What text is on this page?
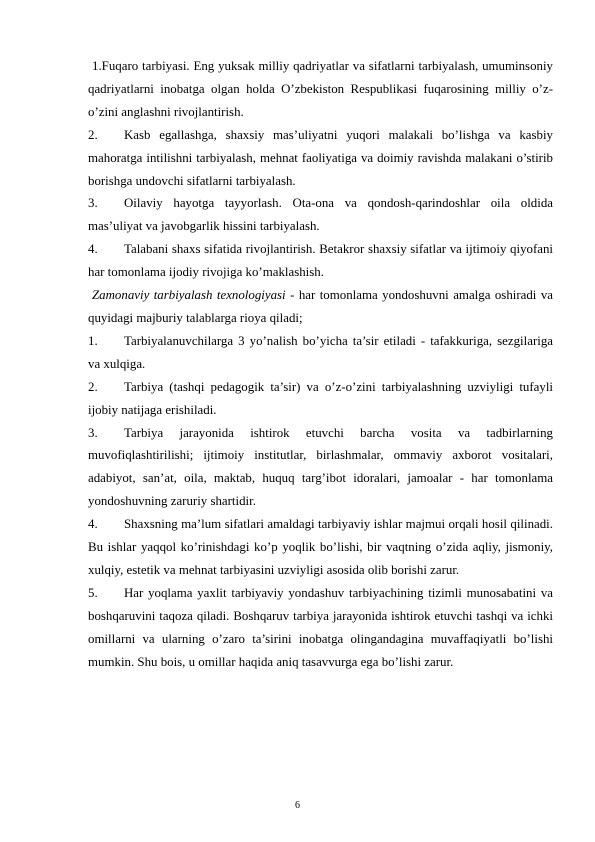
1.Fuqaro tarbiyasi. Eng yuksak milliy qadriyatlar va sifatlarni tarbiyalash, umuminsoniy qadriyatlarni inobatga olgan holda O’zbekiston Respublikasi fuqarosining milliy o’z-o’zini anglashni rivojlantirish.

2. Kasb egallashga, shaxsiy mas’uliyatni yuqori malakali bo’lishga va kasbiy mahoratga intilishni tarbiyalash, mehnat faoliyatiga va doimiy ravishda malakani o’stirib borishga undovchi sifatlarni tarbiyalash.

3. Oilaviy hayotga tayyorlash. Ota-ona va qondosh-qarindoshlar oila oldida mas’uliyat va javobgarlik hissini tarbiyalash.

4. Talabani shaxs sifatida rivojlantirish. Betakror shaxsiy sifatlar va ijtimoiy qiyofani har tomonlama ijodiy rivojiga ko’maklashish.

Zamonaviy tarbiyalash texnologiyasi - har tomonlama yondoshuvni amalga oshiradi va quyidagi majburiy talablarga rioya qiladi;

1. Tarbiyalanuvchilarga 3 yo’nalish bo’yicha ta’sir etiladi - tafakkuriga, sezgilariga va xulqiga.

2. Tarbiya (tashqi pedagogik ta’sir) va o’z-o’zini tarbiyalashning uzviyligi tufayli ijobiy natijaga erishiladi.

3. Tarbiya jarayonida ishtirok etuvchi barcha vosita va tadbirlarning muvofiqlashtirilishi; ijtimoiy institutlar, birlashmalar, ommaviy axborot vositalari, adabiyot, san’at, oila, maktab, huquq targ’ibot idoralari, jamoalar - har tomonlama yondoshuvning zaruriy shartidir.

4. Shaxsning ma’lum sifatlari amaldagi tarbiyaviy ishlar majmui orqali hosil qilinadi. Bu ishlar yaqqol ko’rinishdagi ko’p yoqlik bo’lishi, bir vaqtning o’zida aqliy, jismoniy, xulqiy, estetik va mehnat tarbiyasini uzviyligi asosida olib borishi zarur.

5. Har yoqlama yaxlit tarbiyaviy yondashuv tarbiyachining tizimli munosabatini va boshqaruvini taqoza qiladi. Boshqaruv tarbiya jarayonida ishtirok etuvchi tashqi va ichki omillarni va ularning o’zaro ta’sirini inobatga olingandagina muvaffaqiyatli bo’lishi mumkin. Shu bois, u omillar haqida aniq tasavvurga ega bo’lishi zarur.

6
